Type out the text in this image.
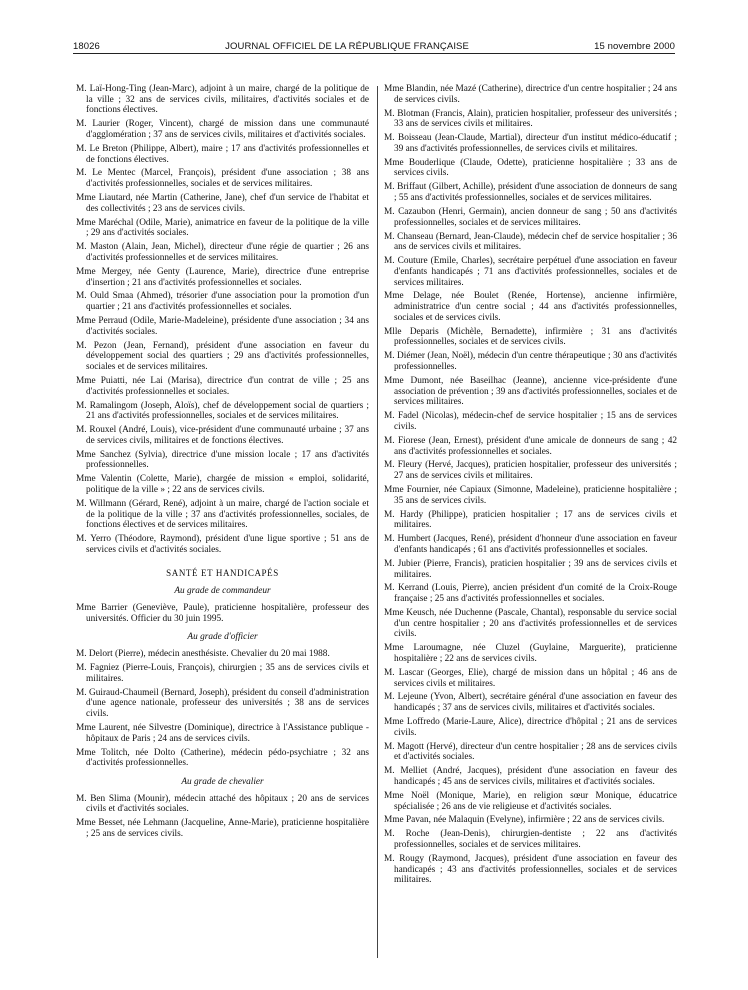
18026	JOURNAL OFFICIEL DE LA RÉPUBLIQUE FRANÇAISE	15 novembre 2000

M. Laï-Hong-Ting (Jean-Marc), adjoint à un maire, chargé de la politique de la ville ; 32 ans de services civils, militaires, d'activités sociales et de fonctions électives.

M. Laurier (Roger, Vincent), chargé de mission dans une communauté d'agglomération ; 37 ans de services civils, militaires et d'activités sociales.

M. Le Breton (Philippe, Albert), maire ; 17 ans d'activités professionnelles et de fonctions électives.

M. Le Mentec (Marcel, François), président d'une association ; 38 ans d'activités professionnelles, sociales et de services militaires.

Mme Liautard, née Martin (Catherine, Jane), chef d'un service de l'habitat et des collectivités ; 23 ans de services civils.

Mme Maréchal (Odile, Marie), animatrice en faveur de la politique de la ville ; 29 ans d'activités sociales.

M. Maston (Alain, Jean, Michel), directeur d'une régie de quartier ; 26 ans d'activités professionnelles et de services militaires.

Mme Mergey, née Genty (Laurence, Marie), directrice d'une entreprise d'insertion ; 21 ans d'activités professionnelles et sociales.

M. Ould Smaa (Ahmed), trésorier d'une association pour la promotion d'un quartier ; 21 ans d'activités professionnelles et sociales.

Mme Perraud (Odile, Marie-Madeleine), présidente d'une association ; 34 ans d'activités sociales.

M. Pezon (Jean, Fernand), président d'une association en faveur du développement social des quartiers ; 29 ans d'activités professionnelles, sociales et de services militaires.

Mme Puiatti, née Lai (Marisa), directrice d'un contrat de ville ; 25 ans d'activités professionnelles et sociales.

M. Ramalingom (Joseph, Aloïs), chef de développement social de quartiers ; 21 ans d'activités professionnelles, sociales et de services militaires.

M. Rouxel (André, Louis), vice-président d'une communauté urbaine ; 37 ans de services civils, militaires et de fonctions électives.

Mme Sanchez (Sylvia), directrice d'une mission locale ; 17 ans d'activités professionnelles.

Mme Valentin (Colette, Marie), chargée de mission « emploi, solidarité, politique de la ville » ; 22 ans de services civils.

M. Willmann (Gérard, René), adjoint à un maire, chargé de l'action sociale et de la politique de la ville ; 37 ans d'activités professionnelles, sociales, de fonctions électives et de services militaires.

M. Yerro (Théodore, Raymond), président d'une ligue sportive ; 51 ans de services civils et d'activités sociales.

SANTÉ ET HANDICAPÉS
Au grade de commandeur

Mme Barrier (Geneviève, Paule), praticienne hospitalière, professeur des universités. Officier du 30 juin 1995.

Au grade d'officier

M. Delort (Pierre), médecin anesthésiste. Chevalier du 20 mai 1988.

M. Fagniez (Pierre-Louis, François), chirurgien ; 35 ans de services civils et militaires.

M. Guiraud-Chaumeil (Bernard, Joseph), président du conseil d'administration d'une agence nationale, professeur des universités ; 38 ans de services civils.

Mme Laurent, née Silvestre (Dominique), directrice à l'Assistance publique - hôpitaux de Paris ; 24 ans de services civils.

Mme Tolitch, née Dolto (Catherine), médecin pédo-psychiatre ; 32 ans d'activités professionnelles.

Au grade de chevalier

M. Ben Slima (Mounir), médecin attaché des hôpitaux ; 20 ans de services civils et d'activités sociales.

Mme Besset, née Lehmann (Jacqueline, Anne-Marie), praticienne hospitalière ; 25 ans de services civils.

Mme Blandin, née Mazé (Catherine), directrice d'un centre hospitalier ; 24 ans de services civils.

M. Blotman (Francis, Alain), praticien hospitalier, professeur des universités ; 33 ans de services civils et militaires.

M. Boisseau (Jean-Claude, Martial), directeur d'un institut médico-éducatif ; 39 ans d'activités professionnelles, de services civils et militaires.

Mme Bouderlique (Claude, Odette), praticienne hospitalière ; 33 ans de services civils.

M. Briffaut (Gilbert, Achille), président d'une association de donneurs de sang ; 55 ans d'activités professionnelles, sociales et de services militaires.

M. Cazaubon (Henri, Germain), ancien donneur de sang ; 50 ans d'activités professionnelles, sociales et de services militaires.

M. Chanseau (Bernard, Jean-Claude), médecin chef de service hospitalier ; 36 ans de services civils et militaires.

M. Couture (Emile, Charles), secrétaire perpétuel d'une association en faveur d'enfants handicapés ; 71 ans d'activités professionnelles, sociales et de services militaires.

Mme Delage, née Boulet (Renée, Hortense), ancienne infirmière, administratrice d'un centre social ; 44 ans d'activités professionnelles, sociales et de services civils.

Mlle Deparis (Michèle, Bernadette), infirmière ; 31 ans d'activités professionnelles, sociales et de services civils.

M. Diémer (Jean, Noël), médecin d'un centre thérapeutique ; 30 ans d'activités professionnelles.

Mme Dumont, née Baseilhac (Jeanne), ancienne vice-présidente d'une association de prévention ; 39 ans d'activités professionnelles, sociales et de services militaires.

M. Fadel (Nicolas), médecin-chef de service hospitalier ; 15 ans de services civils.

M. Fiorese (Jean, Ernest), président d'une amicale de donneurs de sang ; 42 ans d'activités professionnelles et sociales.

M. Fleury (Hervé, Jacques), praticien hospitalier, professeur des universités ; 27 ans de services civils et militaires.

Mme Fournier, née Capiaux (Simonne, Madeleine), praticienne hospitalière ; 35 ans de services civils.

M. Hardy (Philippe), praticien hospitalier ; 17 ans de services civils et militaires.

M. Humbert (Jacques, René), président d'honneur d'une association en faveur d'enfants handicapés ; 61 ans d'activités professionnelles et sociales.

M. Jubier (Pierre, Francis), praticien hospitalier ; 39 ans de services civils et militaires.

M. Kerrand (Louis, Pierre), ancien président d'un comité de la Croix-Rouge française ; 25 ans d'activités professionnelles et sociales.

Mme Keusch, née Duchenne (Pascale, Chantal), responsable du service social d'un centre hospitalier ; 20 ans d'activités professionnelles et de services civils.

Mme Laroumagne, née Cluzel (Guylaine, Marguerite), praticienne hospitalière ; 22 ans de services civils.

M. Lascar (Georges, Elie), chargé de mission dans un hôpital ; 46 ans de services civils et militaires.

M. Lejeune (Yvon, Albert), secrétaire général d'une association en faveur des handicapés ; 37 ans de services civils, militaires et d'activités sociales.

Mme Loffredo (Marie-Laure, Alice), directrice d'hôpital ; 21 ans de services civils.

M. Magott (Hervé), directeur d'un centre hospitalier ; 28 ans de services civils et d'activités sociales.

M. Melliet (André, Jacques), président d'une association en faveur des handicapés ; 45 ans de services civils, militaires et d'activités sociales.

Mme Noël (Monique, Marie), en religion sœur Monique, éducatrice spécialisée ; 26 ans de vie religieuse et d'activités sociales.

Mme Pavan, née Malaquin (Evelyne), infirmière ; 22 ans de services civils.

M. Roche (Jean-Denis), chirurgien-dentiste ; 22 ans d'activités professionnelles, sociales et de services militaires.

M. Rougy (Raymond, Jacques), président d'une association en faveur des handicapés ; 43 ans d'activités professionnelles, sociales et de services militaires.
